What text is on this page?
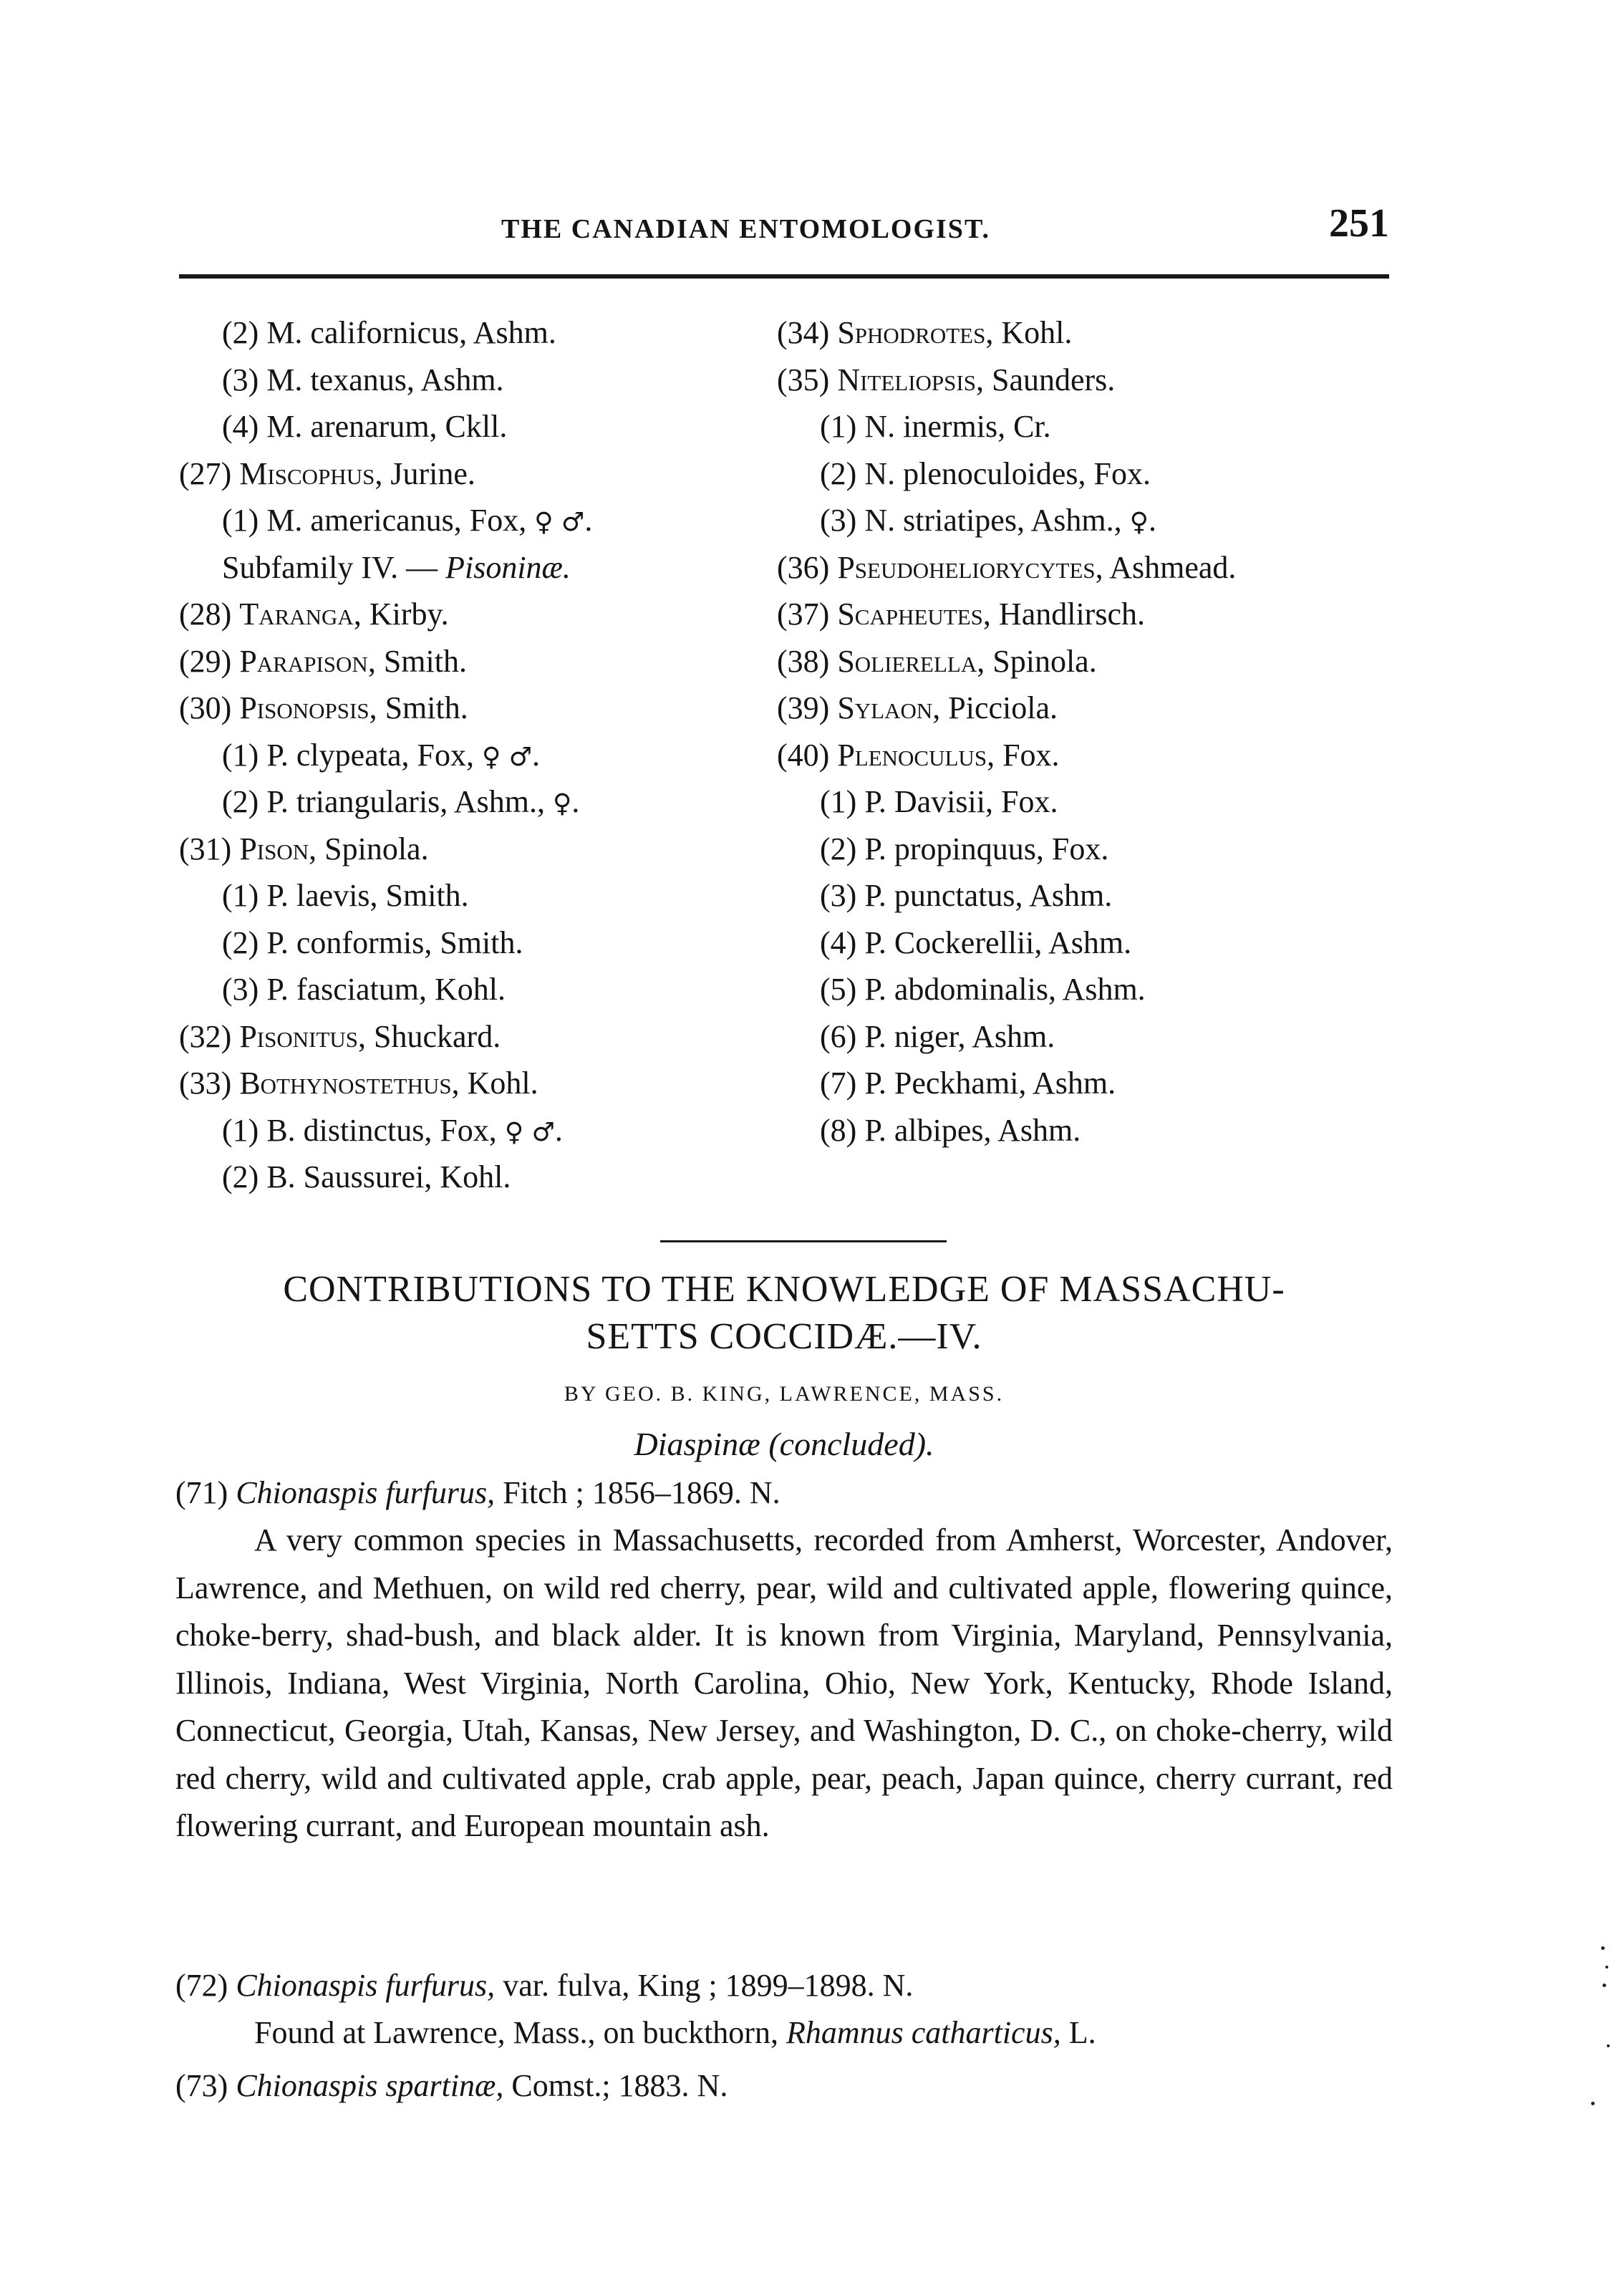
THE CANADIAN ENTOMOLOGIST.	251
(2) M. californicus, Ashm.
(3) M. texanus, Ashm.
(4) M. arenarum, Ckll.
(27) Miscophus, Jurine.
(1) M. americanus, Fox, ♀ ♂.
Subfamily IV. — Pisoninæ.
(28) Taranga, Kirby.
(29) Parapison, Smith.
(30) Pisonopsis, Smith.
(1) P. clypeata, Fox, ♀ ♂.
(2) P. triangularis, Ashm., ♀.
(31) Pison, Spinola.
(1) P. laevis, Smith.
(2) P. conformis, Smith.
(3) P. fasciatum, Kohl.
(32) Pisonitus, Shuckard.
(33) Bothynostethus, Kohl.
(1) B. distinctus, Fox, ♀ ♂.
(2) B. Saussurei, Kohl.
(34) Sphodrotes, Kohl.
(35) Niteliopsis, Saunders.
(1) N. inermis, Cr.
(2) N. plenoculoides, Fox.
(3) N. striatipes, Ashm., ♀.
(36) Pseudoheliorycytes, Ashmead.
(37) Scapheutes, Handlirsch.
(38) Solierella, Spinola.
(39) Sylaon, Picciola.
(40) Plenoculus, Fox.
(1) P. Davisii, Fox.
(2) P. propinquus, Fox.
(3) P. punctatus, Ashm.
(4) P. Cockerellii, Ashm.
(5) P. abdominalis, Ashm.
(6) P. niger, Ashm.
(7) P. Peckhami, Ashm.
(8) P. albipes, Ashm.
CONTRIBUTIONS TO THE KNOWLEDGE OF MASSACHU-
SETTS COCCIDÆ.—IV.
BY GEO. B. KING, LAWRENCE, MASS.
Diaspinæ (concluded).
(71) Chionaspis furfurus, Fitch ; 1856–1869. N.

A very common species in Massachusetts, recorded from Amherst, Worcester, Andover, Lawrence, and Methuen, on wild red cherry, pear, wild and cultivated apple, flowering quince, choke-berry, shad-bush, and black alder. It is known from Virginia, Maryland, Pennsylvania, Illinois, Indiana, West Virginia, North Carolina, Ohio, New York, Kentucky, Rhode Island, Connecticut, Georgia, Utah, Kansas, New Jersey, and Washington, D. C., on choke-cherry, wild red cherry, wild and cultivated apple, crab apple, pear, peach, Japan quince, cherry currant, red flowering currant, and European mountain ash.

(72) Chionaspis furfurus, var. fulva, King ; 1899–1898. N.
Found at Lawrence, Mass., on buckthorn, Rhamnus catharticus, L.
(73) Chionaspis spartinæ, Comst.; 1883. N.
